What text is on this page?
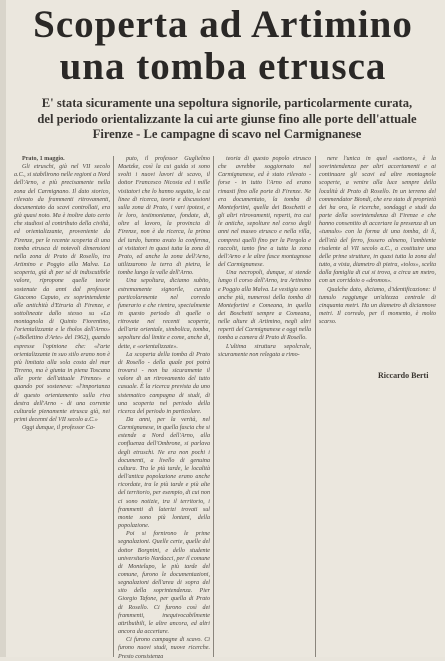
Scoperta ad Artimino
una tomba etrusca
E' stata sicuramente una sepoltura signorile, particolarmente curata, del periodo orientalizzante la cui arte giunse fino alle porte dell'attuale Firenze - Le campagne di scavo nel Carmignanese

Prato, 1 maggio.

Gli etruschi, già nel VII secolo a.C., si stabilirono nelle regioni a Nord dell'Arno, e più precisamente nella zona del Carmignano. Il dato storico, rilevato da frammenti ritrovamenti, documentato da scavi controllati, era già quasi noto. Ma è inoltre dato certo che studiosi al contributo della civiltà, ed orientalizzante, proveniente da Firenze, per le recente scoperta di una tomba etrusca di notevoli dimensioni nella zona di Prato di Rosello, tra Artimino e Poggio alla Malva. La scoperta, già di per sé di indiscutibile valore, ripropone quelle teorie sostenute da anni dal professor Giacomo Caputo, ex soprintendente alle antichità d'Etruria di Firenze, e sottolineate dallo stesso su «La montagnola di Quinto Fiorentino, l'orientalizzante e le tholos dell'Arno» («Bollettino d'Arte» del 1962), quando espresse l'opinione che: «l'arte orientalizzante in suo stilo erano non è più limitata alla sola costa del mar Tirreno, ma è giunta in piena Toscana alle porte dell'attuale Firenze» e quando poi sosteneva: «l'importanza di questo orientamento sulla riva destra dell'Arno - di una corrente culturale pienamente etrusca già, nei primi decenni del VII secolo a.C.»

Oggi dunque, il professor Ca-

puto, il professor Guglielmo Maetzke, così la cui guida si sono svolti i nuovi lavori di scavo, il dottor Francesco Nicosia ed i mille visitatori che lo hanno seguito, le cui linee di ricerca, teorie e discussioni sulla zona di Prato, i vari ipotesi, e le loro, testimonianze, fondate, di, oltre al lavoro, la provincia di Firenze, non è da ricerca, la prima del tardo, hanno avuto la conferma, ai visitatori in quasi tutta la zona di Prato, ed anche la zona dell'Arno, utilizzarono la terra di pietra, le tombe lungo la valle dell'Arno.

Una sepoltura, diciamo subito, estremamente signorile, curata particolarmente nel corredo funerario e che rientra, specialmente in questo periodo di quelle o ritrovate nei recenti scoperte, dell'arte orientale, simbolica, tomba, sepolture dal limite e come, anche di, dette, e «orientalizzate».

La scoperta della tomba di Prato di Rosello - della quale poi potrà trovarsi - non ha sicuramente il valore di un ritrovamento del tutto casuale. È la ricerca prevista da uno sistematico campagna di studi, di una scoperta nel periodo della ricerca del periodo in particolare.

Da anni, per la verità, nel Carmignanese, in quella fascia che si estende a Nord dell'Arno, alla confluenza dell'Ombrone, si parlava degli etruschi. Ne era non pochi i documenti, a livello di genuina cultura. Tra le più tarde, le località dell'antica popolazione erano anche ricordate, tra le più tarde e più alte del territorio, per esempio, di cui non ci sono notizie, tra il territorio, i frammenti di laterizi trovati sul monte sono più lontani, della popolazione.

Poi si fornirono le prime segnalazioni. Quelle certe, quelle del dottor Borgnini, e dello studente universitario Nardacci, per il comune di Montelupo, le più tarde del comune, furono le documentazioni, segnalazioni dell'area di sopra del sito della soprintendenza. Pier Giorgio Tafone, per quella di Prato di Rosello. Ci furono così dei frammenti, inequivocabilmente attribuibili, le altre ancora, ed altri ancora da accertare.

Ci furono campagne di scavo. Ci furono nuovi studi, nuove ricerche. Presto consistenza

teoria di questo popolo etrusco che avrebbe soggiornato nel Carmignanese, ed è stato rilevato - forse - in tutto l'Arno ed erano rimasti fino alle porte di Firenze. Ne era documentato, la tomba di Montefortini, quella dei Boschetti e gli altri ritrovamenti, reperti, tra cui le antiche, sepolture nel corso degli anni nel museo etrusco e nella villa, compresi quelli fino per la Pergola e raccolti, tanto fine a tutta la zona dell'Arno e le altre fasce montagnose del Carmignanese.

Una necropoli, dunque, si stende lungo il corso dell'Arno, tra Artimino e Poggio alla Malva. Le vestigia sono anche più, numerosi della tomba di Montefortini e Comeana, in quella dei Boschetti sempre a Comeana, nelle alture di Artimino, negli altri reperti del Carmignanese e oggi nella tomba a camera di Prato di Rosello.

L'ultima struttura sepolcrale, sicuramente non relegata a rimo-

nere l'unica in quel «settore», è la sovrintendenza per altri accertamenti e ai continuare gli scavi ed altre montagnole scoperte, a venire alla luce sempre della località di Prato di Rosello. In un terreno del commendator Biondi, che era stato di proprietà dei ha ora, le ricerche, sondaggi e studi da parte della sovrintendenza di Firenze e che hanno consentito di accertare la presenza di un «tumulo» con la forma di una tomba, di lì, dell'età del ferro, fossero almeno, l'ambiente risalente al VII secolo a.C., a costituire una delle prime strutture, in quasi tutta la zona del tutto, a vista, diametro di pietra, «tolos», scelta dalla famiglia di cui si trova, a circa un metro, con un corridoio o «dromos».

Qualche dato, diciamo, d'identificazione: il tumulo raggiunge un'altezza centrale di cinquanta metri. Ha un diametro di diciannove metri. Il corredo, per il momento, è molto scarso.

Riccardo Berti
